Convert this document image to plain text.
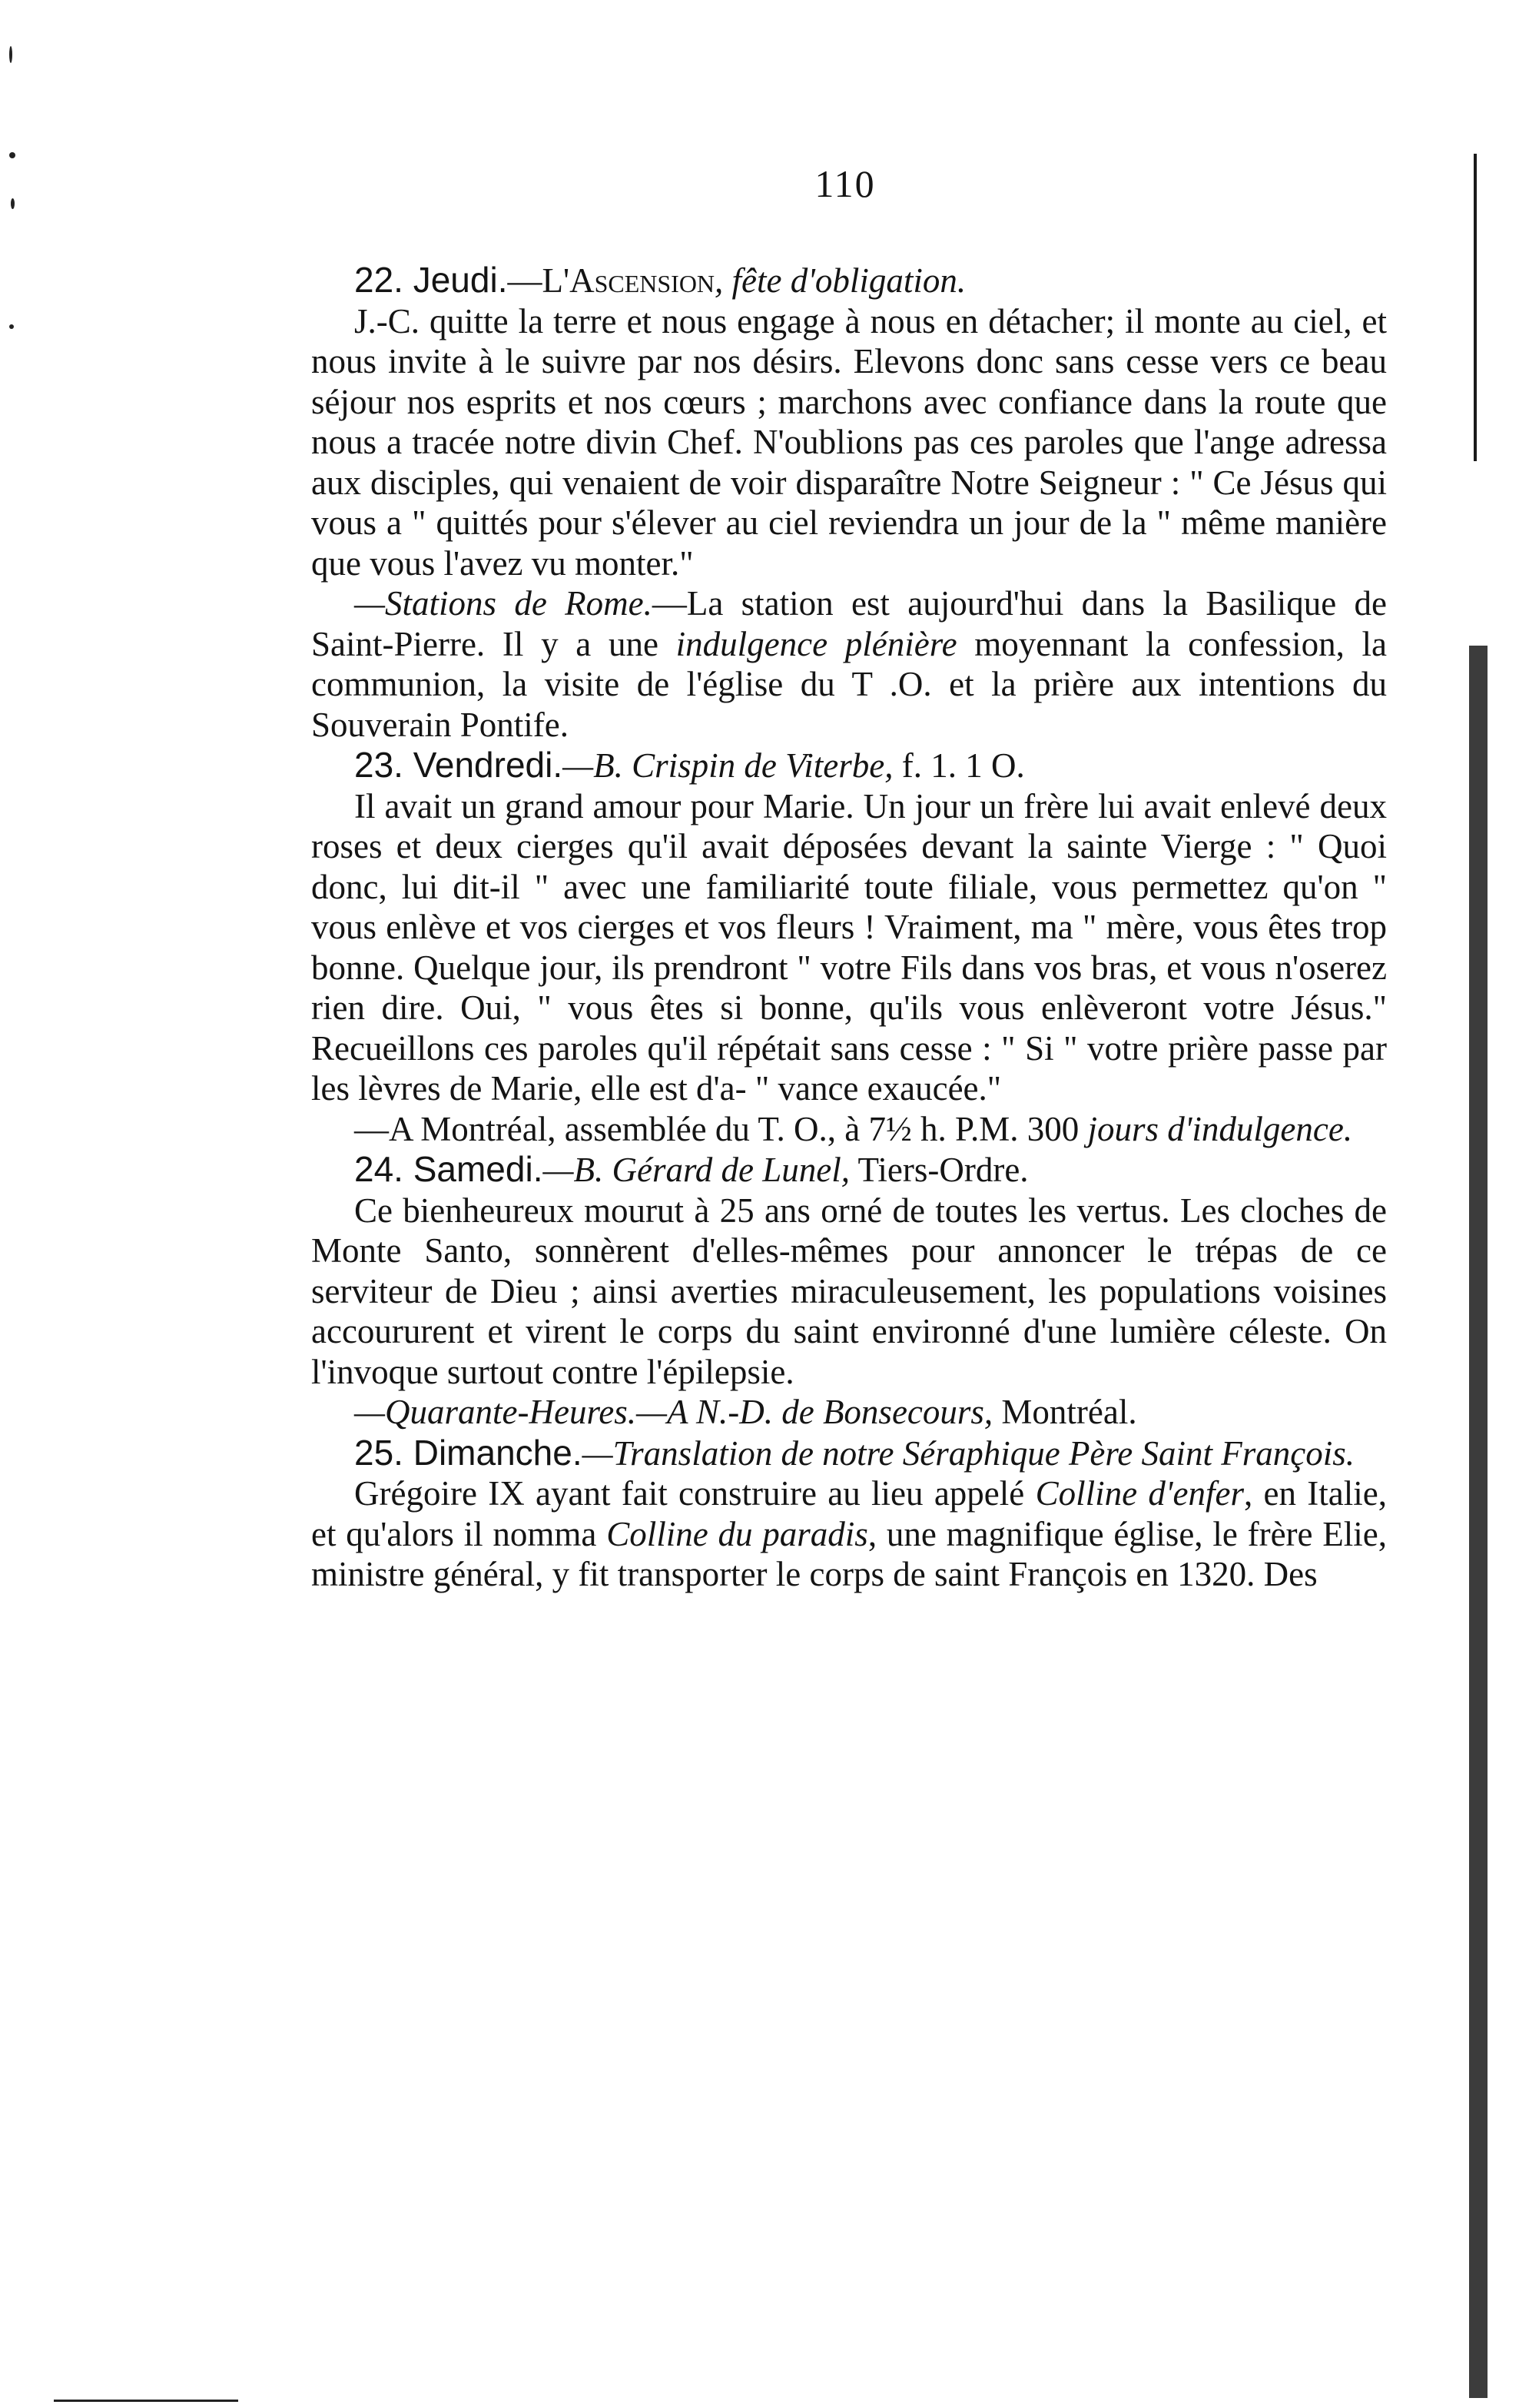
110

22. Jeudi.—L'Ascension, fête d'obligation.

J.-C. quitte la terre et nous engage à nous en détacher; il monte au ciel, et nous invite à le suivre par nos désirs. Elevons donc sans cesse vers ce beau séjour nos esprits et nos cœurs ; marchons avec confiance dans la route que nous a tracée notre divin Chef. N'oublions pas ces paroles que l'ange adressa aux disciples, qui venaient de voir disparaître Notre Seigneur : " Ce Jésus qui vous a " quittés pour s'élever au ciel reviendra un jour de la " même manière que vous l'avez vu monter."

—Stations de Rome.—La station est aujourd'hui dans la Basilique de Saint-Pierre. Il y a une indulgence plénière moyennant la confession, la communion, la visite de l'église du T .O. et la prière aux intentions du Souverain Pontife.

23. Vendredi.—B. Crispin de Viterbe, f. 1. 1 O.

Il avait un grand amour pour Marie. Un jour un frère lui avait enlevé deux roses et deux cierges qu'il avait déposées devant la sainte Vierge : " Quoi donc, lui dit-il " avec une familiarité toute filiale, vous permettez qu'on " vous enlève et vos cierges et vos fleurs ! Vraiment, ma " mère, vous êtes trop bonne. Quelque jour, ils prendront " votre Fils dans vos bras, et vous n'oserez rien dire. Oui, " vous êtes si bonne, qu'ils vous enlèveront votre Jésus." Recueillons ces paroles qu'il répétait sans cesse : " Si " votre prière passe par les lèvres de Marie, elle est d'a- " vance exaucée."

—A Montréal, assemblée du T. O., à 7½ h. P.M. 300 jours d'indulgence.

24. Samedi.—B. Gérard de Lunel, Tiers-Ordre.

Ce bienheureux mourut à 25 ans orné de toutes les vertus. Les cloches de Monte Santo, sonnèrent d'elles-mêmes pour annoncer le trépas de ce serviteur de Dieu ; ainsi averties miraculeusement, les populations voisines accoururent et virent le corps du saint environné d'une lumière céleste. On l'invoque surtout contre l'épilepsie.

—Quarante-Heures.—A N.-D. de Bonsecours, Montréal.

25. Dimanche.—Translation de notre Séraphique Père Saint François.

Grégoire IX ayant fait construire au lieu appelé Colline d'enfer, en Italie, et qu'alors il nomma Colline du paradis, une magnifique église, le frère Elie, ministre général, y fit transporter le corps de saint François en 1320. Des
